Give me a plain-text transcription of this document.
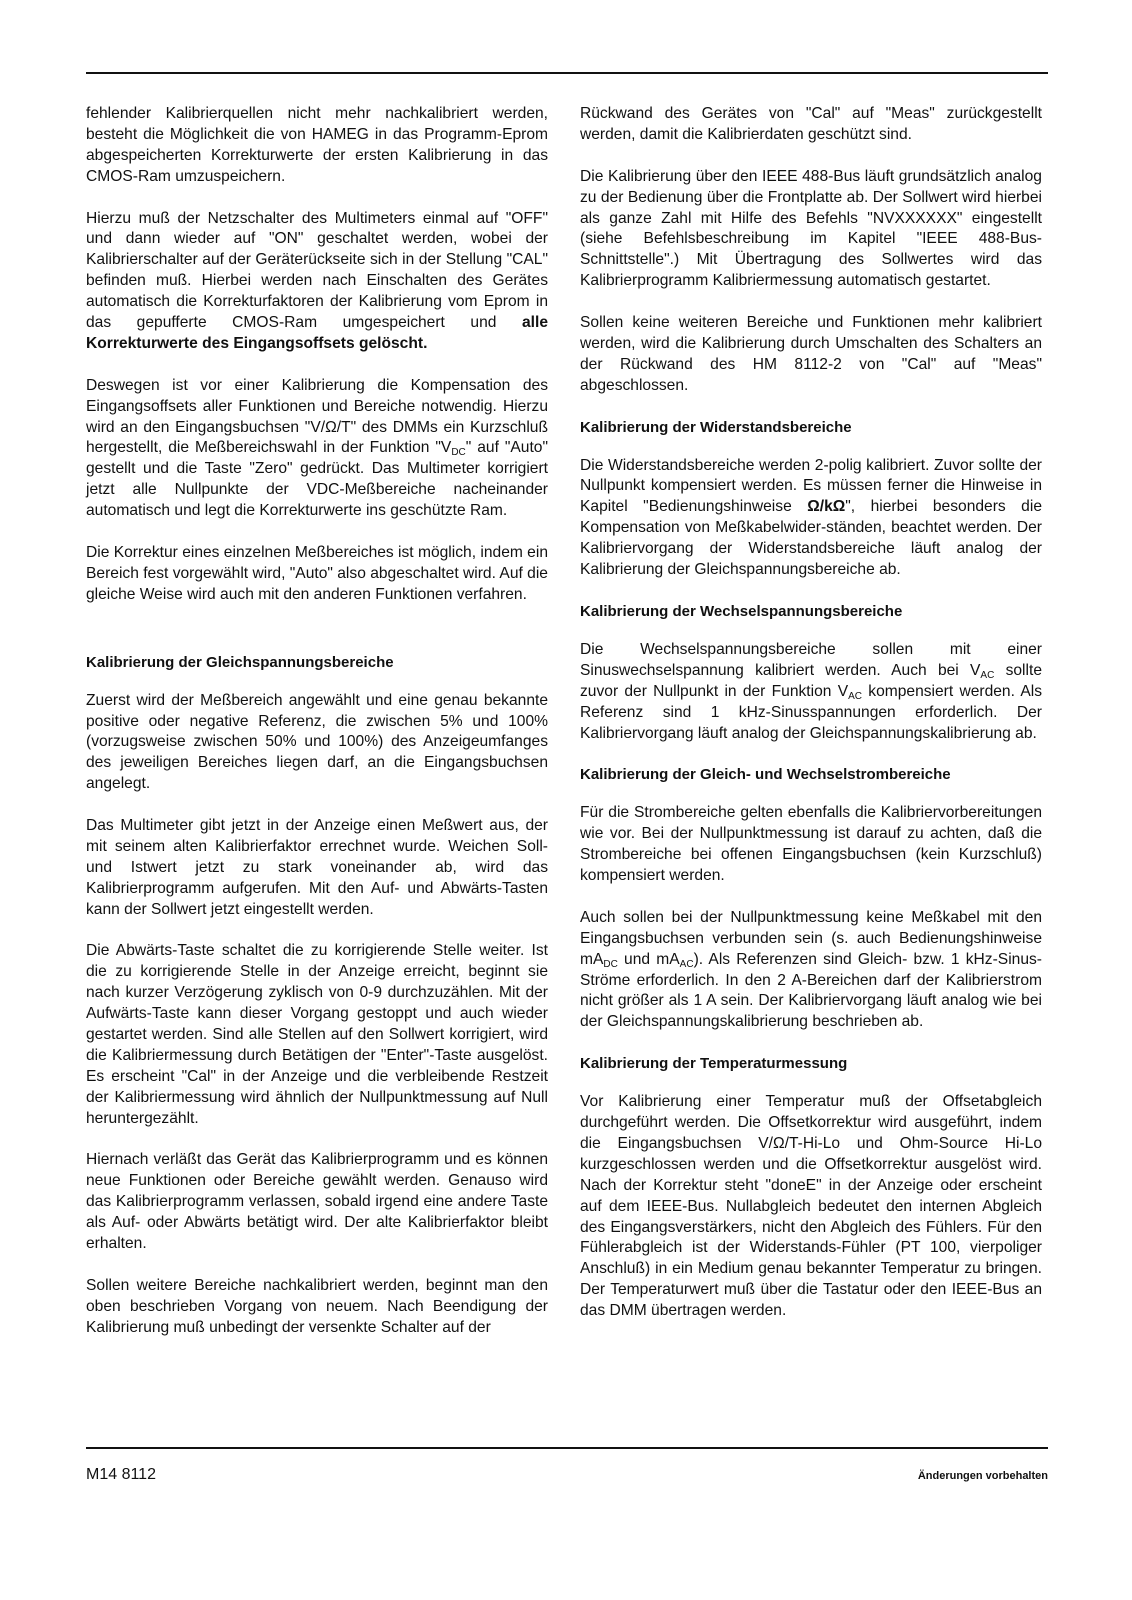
fehlender Kalibrierquellen nicht mehr nachkalibriert werden, besteht die Möglichkeit die von HAMEG in das Programm-Eprom abgespeicherten Korrekturwerte der ersten Kalibrierung in das CMOS-Ram umzuspeichern.

Hierzu muß der Netzschalter des Multimeters einmal auf "OFF" und dann wieder auf "ON" geschaltet werden, wobei der Kalibrierschalter auf der Geräterückseite sich in der Stellung "CAL" befinden muß. Hierbei werden nach Einschalten des Gerätes automatisch die Korrekturfaktoren der Kalibrierung vom Eprom in das gepufferte CMOS-Ram umgespeichert und alle Korrekturwerte des Eingangsoffsets gelöscht.

Deswegen ist vor einer Kalibrierung die Kompensation des Eingangsoffsets aller Funktionen und Bereiche notwendig. Hierzu wird an den Eingangsbuchsen "V/Ω/T" des DMMs ein Kurzschluß hergestellt, die Meßbereichswahl in der Funktion "$V_{DC}$" auf "Auto" gestellt und die Taste "Zero" gedrückt. Das Multimeter korrigiert jetzt alle Nullpunkte der VDC-Meßbereiche nacheinander automatisch und legt die Korrekturwerte ins geschützte Ram.

Die Korrektur eines einzelnen Meßbereiches ist möglich, indem ein Bereich fest vorgewählt wird, "Auto" also abgeschaltet wird. Auf die gleiche Weise wird auch mit den anderen Funktionen verfahren.

Kalibrierung der Gleichspannungsbereiche

Zuerst wird der Meßbereich angewählt und eine genau bekannte positive oder negative Referenz, die zwischen 5% und 100% (vorzugsweise zwischen 50% und 100%) des Anzeigeumfanges des jeweiligen Bereiches liegen darf, an die Eingangsbuchsen angelegt.

Das Multimeter gibt jetzt in der Anzeige einen Meßwert aus, der mit seinem alten Kalibrierfaktor errechnet wurde. Weichen Soll- und Istwert jetzt zu stark voneinander ab, wird das Kalibrierprogramm aufgerufen. Mit den Auf- und Abwärts-Tasten kann der Sollwert jetzt eingestellt werden.

Die Abwärts-Taste schaltet die zu korrigierende Stelle weiter. Ist die zu korrigierende Stelle in der Anzeige erreicht, beginnt sie nach kurzer Verzögerung zyklisch von 0-9 durchzuzählen. Mit der Aufwärts-Taste kann dieser Vorgang gestoppt und auch wieder gestartet werden. Sind alle Stellen auf den Sollwert korrigiert, wird die Kalibriermessung durch Betätigen der "Enter"-Taste ausgelöst. Es erscheint "Cal" in der Anzeige und die verbleibende Restzeit der Kalibriermessung wird ähnlich der Nullpunktmessung auf Null heruntergezählt.

Hiernach verläßt das Gerät das Kalibrierprogramm und es können neue Funktionen oder Bereiche gewählt werden. Genauso wird das Kalibrierprogramm verlassen, sobald irgend eine andere Taste als Auf- oder Abwärts betätigt wird. Der alte Kalibrierfaktor bleibt erhalten.

Sollen weitere Bereiche nachkalibriert werden, beginnt man den oben beschrieben Vorgang von neuem. Nach Beendigung der Kalibrierung muß unbedingt der versenkte Schalter auf der

Rückwand des Gerätes von "Cal" auf "Meas" zurückgestellt werden, damit die Kalibrierdaten geschützt sind.

Die Kalibrierung über den IEEE 488-Bus läuft grundsätzlich analog zu der Bedienung über die Frontplatte ab. Der Sollwert wird hierbei als ganze Zahl mit Hilfe des Befehls "NVXXXXXX" eingestellt (siehe Befehlsbeschreibung im Kapitel "IEEE 488-Bus-Schnittstelle".) Mit Übertragung des Sollwertes wird das Kalibrierprogramm Kalibriermessung automatisch gestartet.

Sollen keine weiteren Bereiche und Funktionen mehr kalibriert werden, wird die Kalibrierung durch Umschalten des Schalters an der Rückwand des HM 8112-2 von "Cal" auf "Meas" abgeschlossen.

Kalibrierung der Widerstandsbereiche

Die Widerstandsbereiche werden 2-polig kalibriert. Zuvor sollte der Nullpunkt kompensiert werden. Es müssen ferner die Hinweise in Kapitel "Bedienungshinweise Ω/kΩ", hierbei besonders die Kompensation von Meßkabelwider-ständen, beachtet werden. Der Kalibriervorgang der Widerstandsbereiche läuft analog der Kalibrierung der Gleichspannungsbereiche ab.

Kalibrierung der Wechselspannungsbereiche

Die Wechselspannungsbereiche sollen mit einer Sinuswechselspannung kalibriert werden. Auch bei $V_{AC}$ sollte zuvor der Nullpunkt in der Funktion $V_{AC}$ kompensiert werden. Als Referenz sind 1 kHz-Sinusspannungen erforderlich. Der Kalibriervorgang läuft analog der Gleichspannungskalibrierung ab.

Kalibrierung der Gleich- und Wechselstrombereiche

Für die Strombereiche gelten ebenfalls die Kalibriervorbereitungen wie vor. Bei der Nullpunktmessung ist darauf zu achten, daß die Strombereiche bei offenen Eingangsbuchsen (kein Kurzschluß) kompensiert werden.

Auch sollen bei der Nullpunktmessung keine Meßkabel mit den Eingangsbuchsen verbunden sein (s. auch Bedienungshinweise $mA_{DC}$ und $mA_{AC}$). Als Referenzen sind Gleich- bzw. 1 kHz-Sinus-Ströme erforderlich. In den 2 A-Bereichen darf der Kalibrierstrom nicht größer als 1 A sein. Der Kalibriervorgang läuft analog wie bei der Gleichspannungskalibrierung beschrieben ab.

Kalibrierung der Temperaturmessung

Vor Kalibrierung einer Temperatur muß der Offsetabgleich durchgeführt werden. Die Offsetkorrektur wird ausgeführt, indem die Eingangsbuchsen V/Ω/T-Hi-Lo und Ohm-Source Hi-Lo kurzgeschlossen werden und die Offsetkorrektur ausgelöst wird. Nach der Korrektur steht "doneE" in der Anzeige oder erscheint auf dem IEEE-Bus. Nullabgleich bedeutet den internen Abgleich des Eingangsverstärkers, nicht den Abgleich des Fühlers. Für den Fühlerabgleich ist der Widerstands-Fühler (PT 100, vierpoliger Anschluß) in ein Medium genau bekannter Temperatur zu bringen. Der Temperaturwert muß über die Tastatur oder den IEEE-Bus an das DMM übertragen werden.

M14 8112	Änderungen vorbehalten
